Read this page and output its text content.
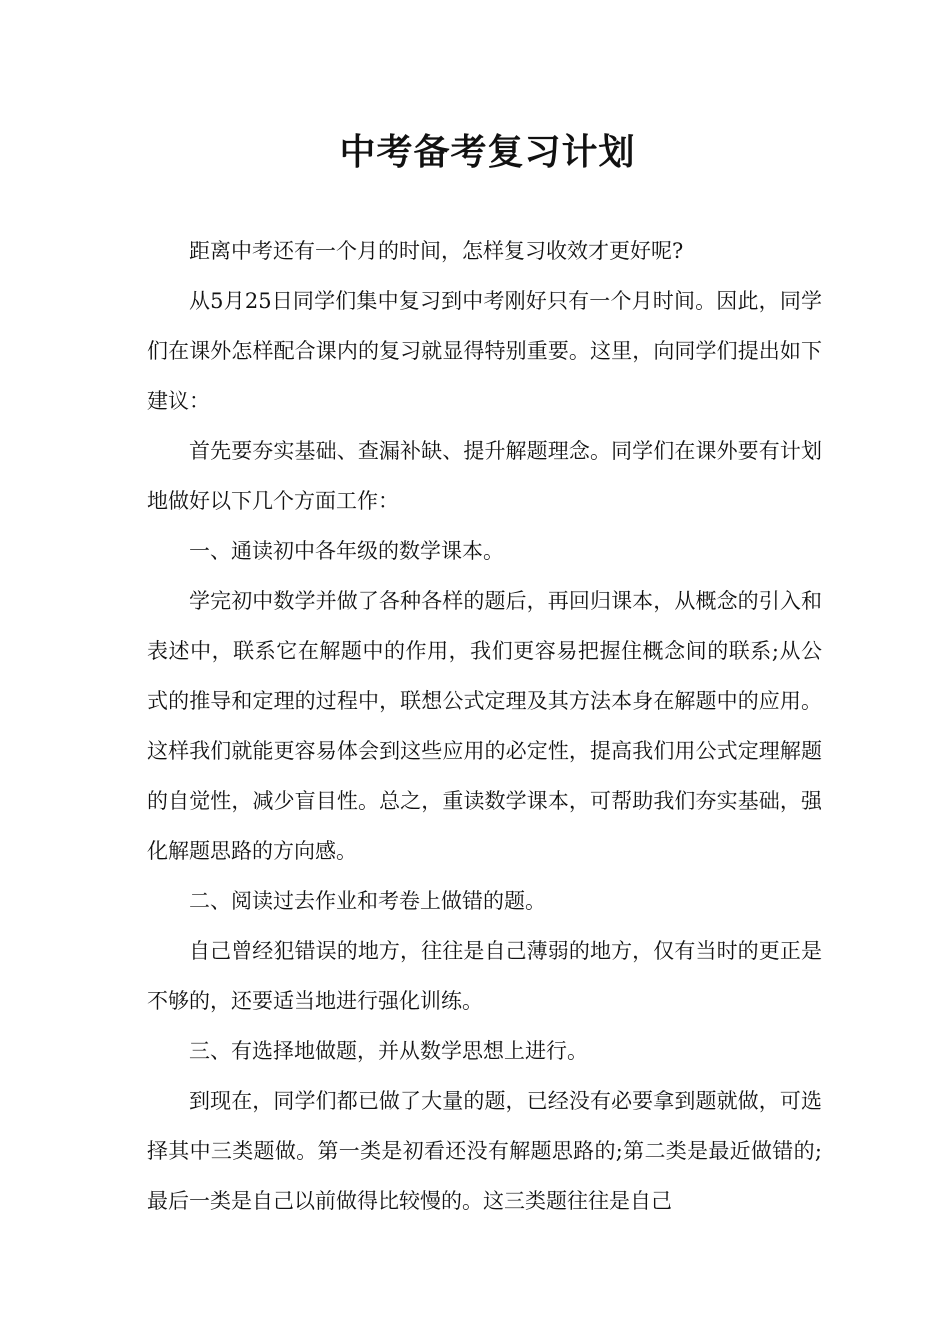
中考备考复习计划

距离中考还有一个月的时间，怎样复习收效才更好呢?

从5月25日同学们集中复习到中考刚好只有一个月时间。因此，同学们在课外怎样配合课内的复习就显得特别重要。这里，向同学们提出如下建议：

首先要夯实基础、查漏补缺、提升解题理念。同学们在课外要有计划地做好以下几个方面工作：

一、通读初中各年级的数学课本。

学完初中数学并做了各种各样的题后，再回归课本，从概念的引入和表述中，联系它在解题中的作用，我们更容易把握住概念间的联系;从公式的推导和定理的过程中，联想公式定理及其方法本身在解题中的应用。这样我们就能更容易体会到这些应用的必定性，提高我们用公式定理解题的自觉性，减少盲目性。总之，重读数学课本，可帮助我们夯实基础，强化解题思路的方向感。

二、阅读过去作业和考卷上做错的题。

自己曾经犯错误的地方，往往是自己薄弱的地方，仅有当时的更正是不够的，还要适当地进行强化训练。

三、有选择地做题，并从数学思想上进行。

到现在，同学们都已做了大量的题，已经没有必要拿到题就做，可选择其中三类题做。第一类是初看还没有解题思路的;第二类是最近做错的;最后一类是自己以前做得比较慢的。这三类题往往是自己
